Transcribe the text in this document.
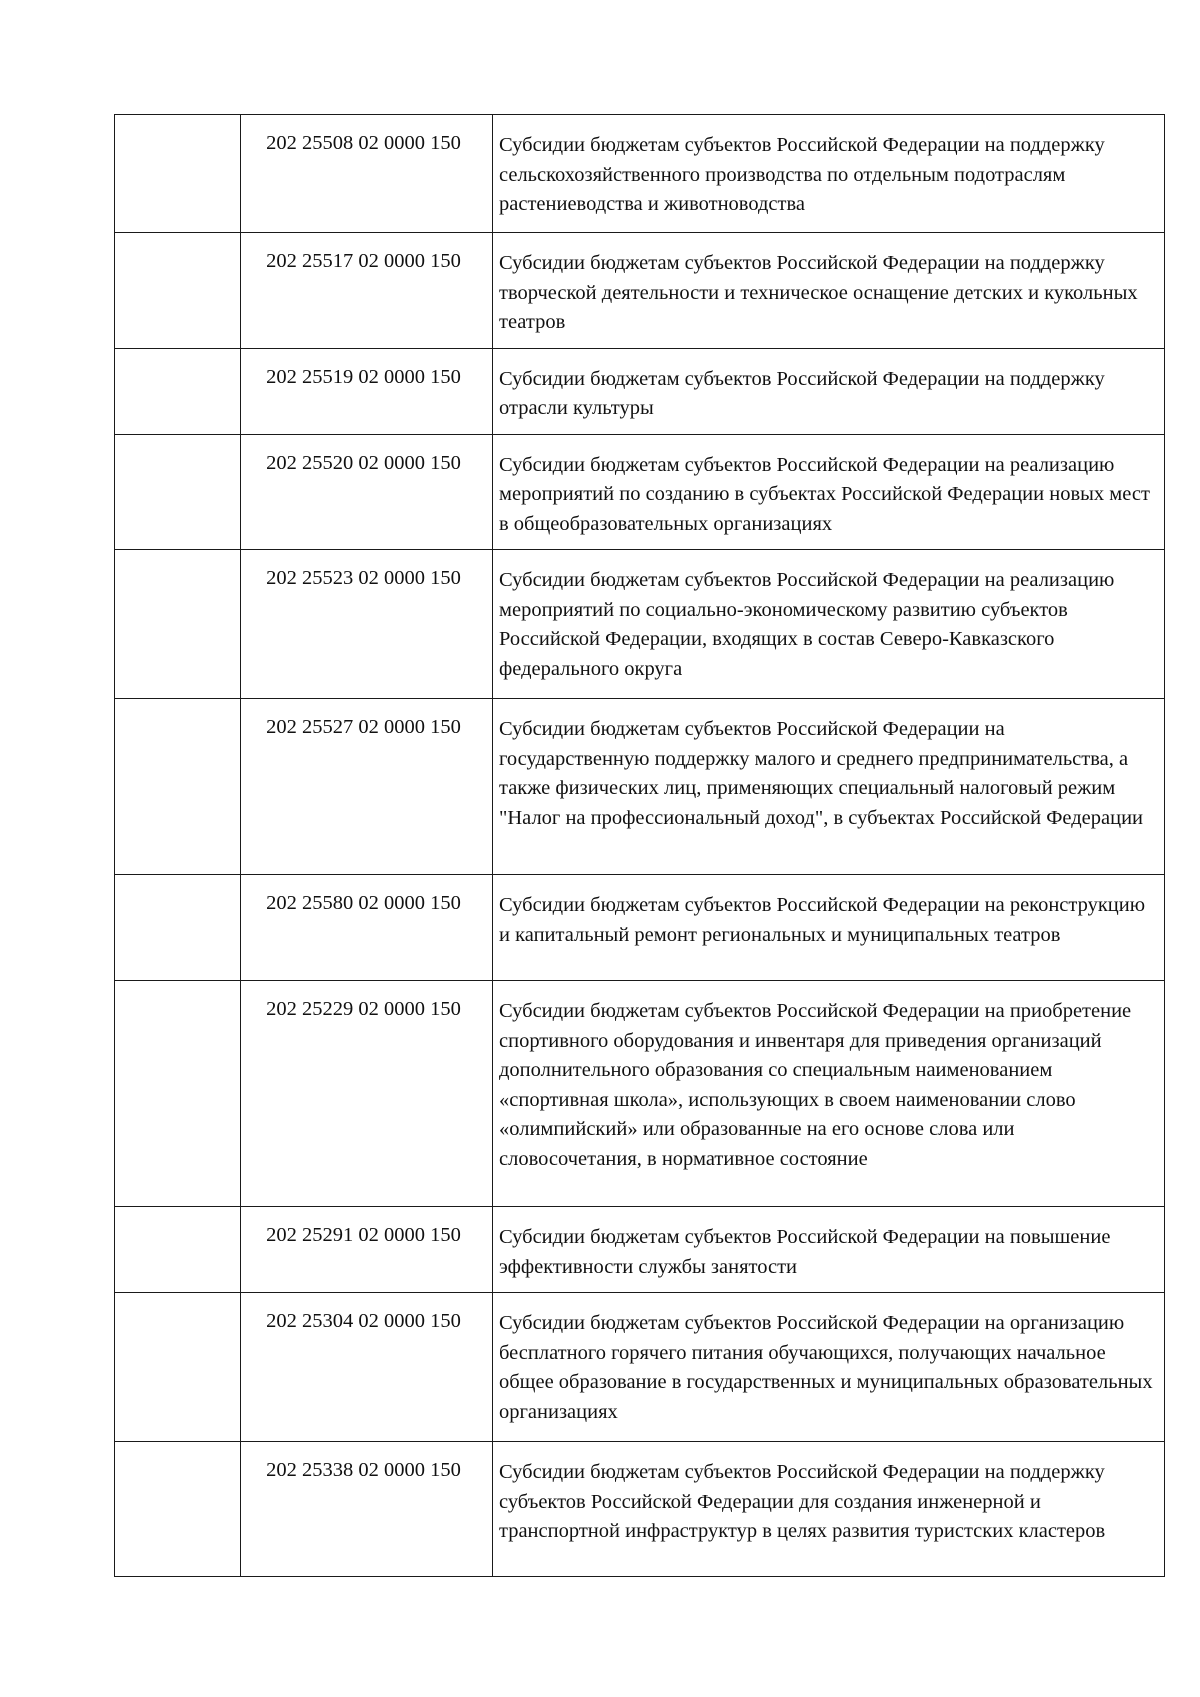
	202 25508 02 0000 150	Субсидии бюджетам субъектов Российской Федерации на поддержку сельскохозяйственного производства по отдельным подотраслям растениеводства и животноводства
	202 25517 02 0000 150	Субсидии бюджетам субъектов Российской Федерации на поддержку творческой деятельности и техническое оснащение детских и кукольных театров
	202 25519 02 0000 150	Субсидии бюджетам субъектов Российской Федерации на поддержку отрасли культуры
	202 25520 02 0000 150	Субсидии бюджетам субъектов Российской Федерации на реализацию мероприятий по созданию в субъектах Российской Федерации новых мест в общеобразовательных организациях
	202 25523 02 0000 150	Субсидии бюджетам субъектов Российской Федерации на реализацию мероприятий по социально-экономическому развитию субъектов Российской Федерации, входящих в состав Северо-Кавказского федерального округа
	202 25527 02 0000 150	Субсидии бюджетам субъектов Российской Федерации на государственную поддержку малого и среднего предпринимательства, а также физических лиц, применяющих специальный налоговый режим "Налог на профессиональный доход", в субъектах Российской Федерации
	202 25580 02 0000 150	Субсидии бюджетам субъектов Российской Федерации на реконструкцию и капитальный ремонт региональных и муниципальных театров
	202 25229 02 0000 150	Субсидии бюджетам субъектов Российской Федерации на приобретение спортивного оборудования и инвентаря для приведения организаций дополнительного образования со специальным наименованием «спортивная школа», использующих в своем наименовании слово «олимпийский» или образованные на его основе слова или словосочетания, в нормативное состояние
	202 25291 02 0000 150	Субсидии бюджетам субъектов Российской Федерации на повышение эффективности службы занятости
	202 25304 02 0000 150	Субсидии бюджетам субъектов Российской Федерации на организацию бесплатного горячего питания обучающихся, получающих начальное общее образование в государственных и муниципальных образовательных организациях
	202 25338 02 0000 150	Субсидии бюджетам субъектов Российской Федерации на поддержку субъектов Российской Федерации для создания инженерной и транспортной инфраструктур в целях развития туристских кластеров
